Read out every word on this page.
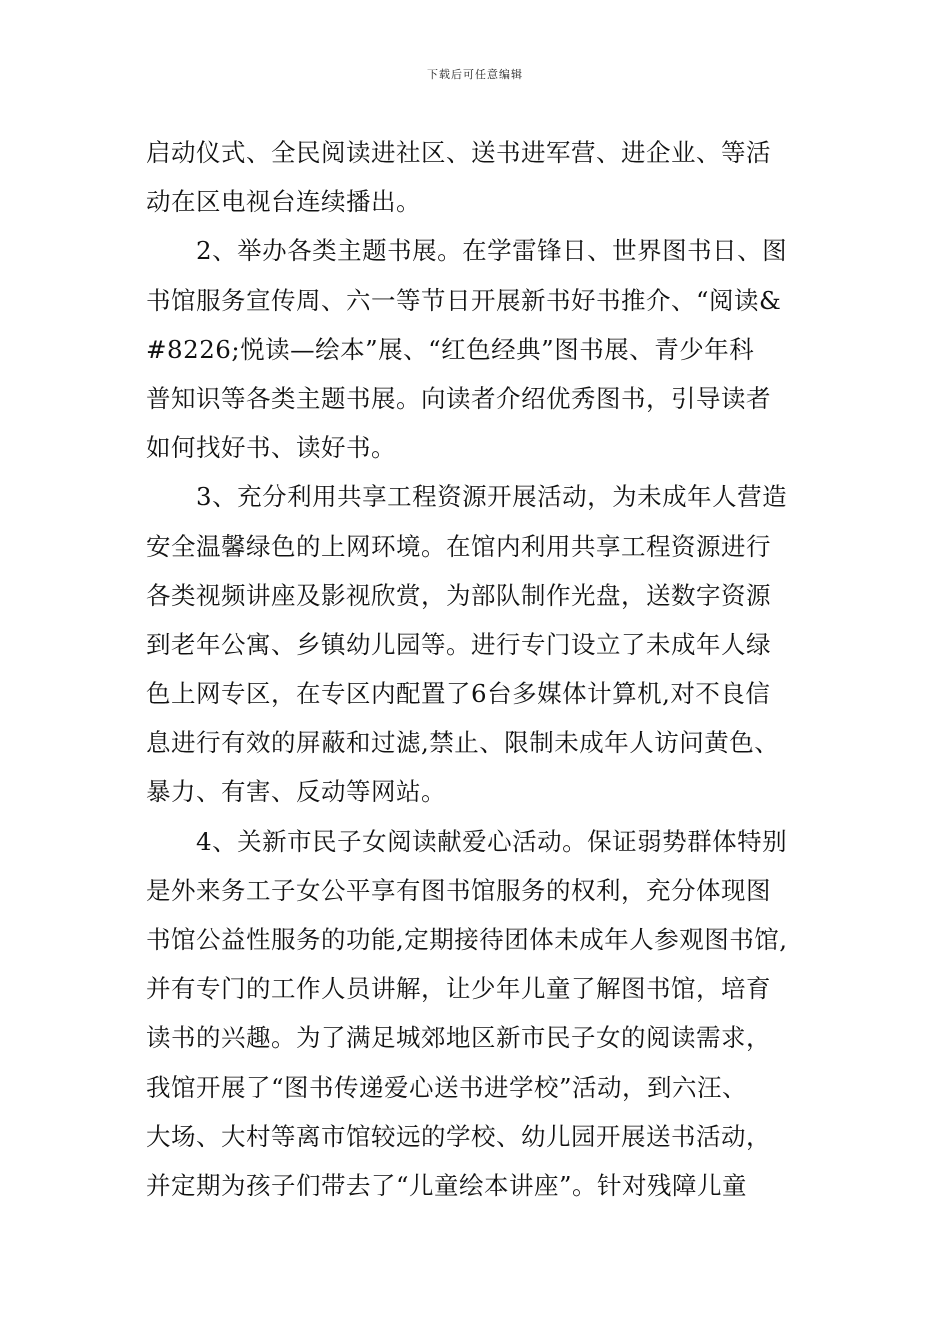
下载后可任意编辑
启动仪式、全民阅读进社区、送书进军营、进企业、等活
动在区电视台连续播出。
　　2、举办各类主题书展。在学雷锋日、世界图书日、图
书馆服务宣传周、六一等节日开展新书好书推介、“阅读&
#8226;悦读—绘本”展、“红色经典”图书展、青少年科
普知识等各类主题书展。向读者介绍优秀图书，引导读者
如何找好书、读好书。
　　3、充分利用共享工程资源开展活动，为未成年人营造
安全温馨绿色的上网环境。在馆内利用共享工程资源进行
各类视频讲座及影视欣赏，为部队制作光盘，送数字资源
到老年公寓、乡镇幼儿园等。进行专门设立了未成年人绿
色上网专区，在专区内配置了6台多媒体计算机,对不良信
息进行有效的屏蔽和过滤,禁止、限制未成年人访问黄色、
暴力、有害、反动等网站。
　　4、关新市民子女阅读献爱心活动。保证弱势群体特别
是外来务工子女公平享有图书馆服务的权利，充分体现图
书馆公益性服务的功能,定期接待团体未成年人参观图书馆,
并有专门的工作人员讲解，让少年儿童了解图书馆，培育
读书的兴趣。为了满足城郊地区新市民子女的阅读需求，
我馆开展了“图书传递爱心送书进学校”活动，到六汪、
大场、大村等离市馆较远的学校、幼儿园开展送书活动，
并定期为孩子们带去了“儿童绘本讲座”。针对残障儿童
